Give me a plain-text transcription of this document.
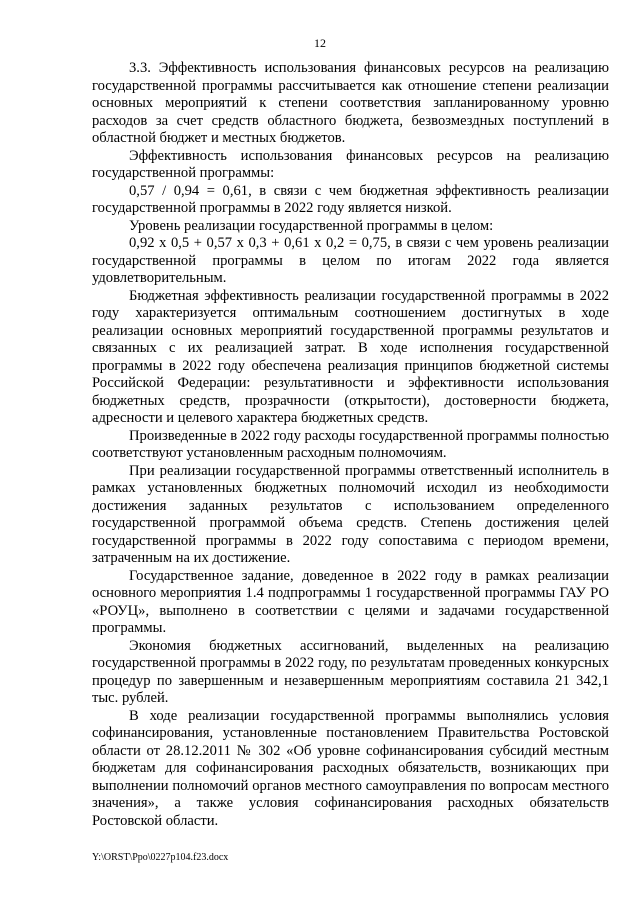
12

3.3. Эффективность использования финансовых ресурсов на реализацию государственной программы рассчитывается как отношение степени реализации основных мероприятий к степени соответствия запланированному уровню расходов за счет средств областного бюджета, безвозмездных поступлений в областной бюджет и местных бюджетов.

Эффективность использования финансовых ресурсов на реализацию государственной программы:

0,57 / 0,94 = 0,61, в связи с чем бюджетная эффективность реализации государственной программы в 2022 году является низкой.

Уровень реализации государственной программы в целом:

0,92 х 0,5 + 0,57 х 0,3 + 0,61 х 0,2 = 0,75, в связи с чем уровень реализации государственной программы в целом по итогам 2022 года является удовлетворительным.

Бюджетная эффективность реализации государственной программы в 2022 году характеризуется оптимальным соотношением достигнутых в ходе реализации основных мероприятий государственной программы результатов и связанных с их реализацией затрат. В ходе исполнения государственной программы в 2022 году обеспечена реализация принципов бюджетной системы Российской Федерации: результативности и эффективности использования бюджетных средств, прозрачности (открытости), достоверности бюджета, адресности и целевого характера бюджетных средств.

Произведенные в 2022 году расходы государственной программы полностью соответствуют установленным расходным полномочиям.

При реализации государственной программы ответственный исполнитель в рамках установленных бюджетных полномочий исходил из необходимости достижения заданных результатов с использованием определенного государственной программой объема средств. Степень достижения целей государственной программы в 2022 году сопоставима с периодом времени, затраченным на их достижение.

Государственное задание, доведенное в 2022 году в рамках реализации основного мероприятия 1.4 подпрограммы 1 государственной программы ГАУ РО «РОУЦ», выполнено в соответствии с целями и задачами государственной программы.

Экономия бюджетных ассигнований, выделенных на реализацию государственной программы в 2022 году, по результатам проведенных конкурсных процедур по завершенным и незавершенным мероприятиям составила 21 342,1 тыс. рублей.

В ходе реализации государственной программы выполнялись условия софинансирования, установленные постановлением Правительства Ростовской области от 28.12.2011 № 302 «Об уровне софинансирования субсидий местным бюджетам для софинансирования расходных обязательств, возникающих при выполнении полномочий органов местного самоуправления по вопросам местного значения», а также условия софинансирования расходных обязательств Ростовской области.

Y:\ORST\Ppo\0227p104.f23.docx
